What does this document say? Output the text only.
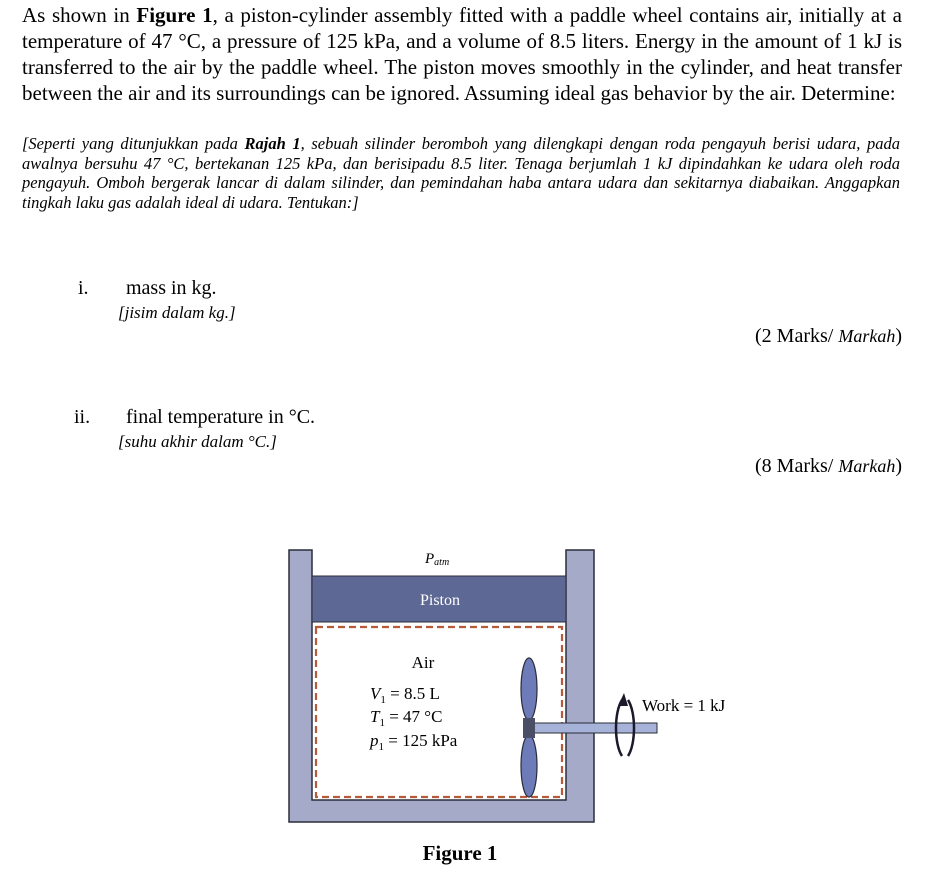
As shown in Figure 1, a piston-cylinder assembly fitted with a paddle wheel contains air, initially at a temperature of 47 °C, a pressure of 125 kPa, and a volume of 8.5 liters. Energy in the amount of 1 kJ is transferred to the air by the paddle wheel. The piston moves smoothly in the cylinder, and heat transfer between the air and its surroundings can be ignored. Assuming ideal gas behavior by the air. Determine:
[Seperti yang ditunjukkan pada Rajah 1, sebuah silinder beromboh yang dilengkapi dengan roda pengayuh berisi udara, pada awalnya bersuhu 47 °C, bertekanan 125 kPa, dan berisipadu 8.5 liter. Tenaga berjumlah 1 kJ dipindahkan ke udara oleh roda pengayuh. Omboh bergerak lancar di dalam silinder, dan pemindahan haba antara udara dan sekitarnya diabaikan. Anggapkan tingkah laku gas adalah ideal di udara. Tentukan:]
i. mass in kg.
[jisim dalam kg.]
(2 Marks/ Markah)
ii. final temperature in °C.
[suhu akhir dalam °C.]
(8 Marks/ Markah)
Patm
Piston
Air
$V_1 = 8.5$ L
$T_1 = 47$ °C
$p_1 = 125$ kPa
Work = 1 kJ
Figure 1
